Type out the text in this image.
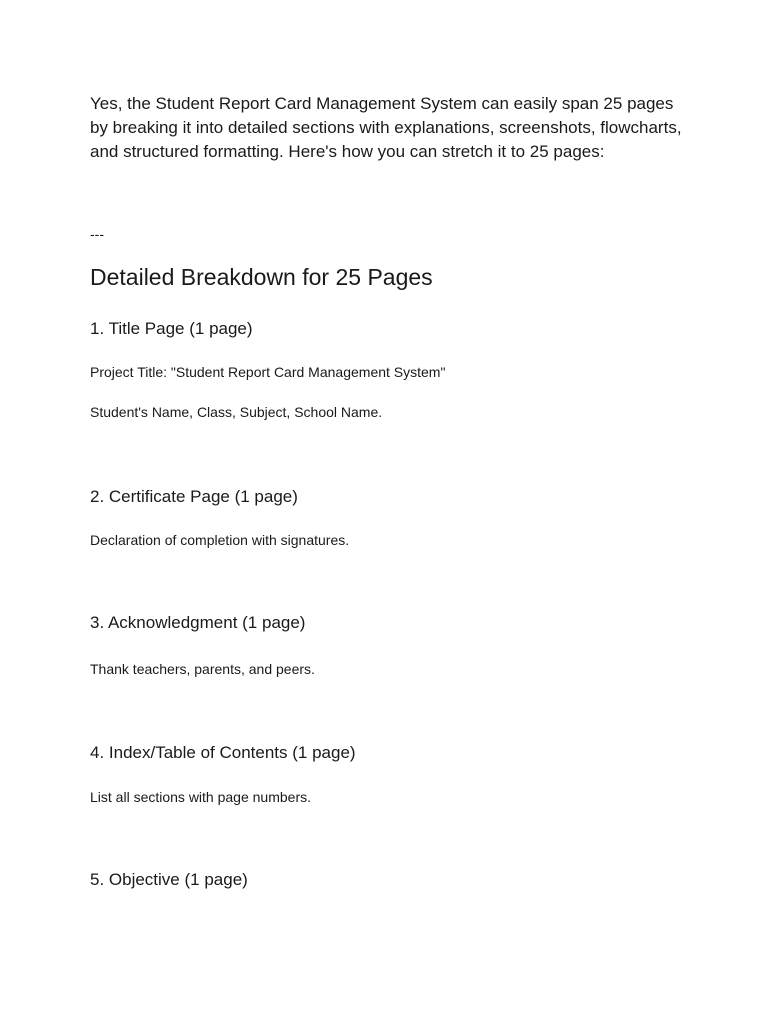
Yes, the Student Report Card Management System can easily span 25 pages by breaking it into detailed sections with explanations, screenshots, flowcharts, and structured formatting. Here's how you can stretch it to 25 pages:

---

Detailed Breakdown for 25 Pages
1. Title Page (1 page)

Project Title: "Student Report Card Management System"

Student's Name, Class, Subject, School Name.

2. Certificate Page (1 page)

Declaration of completion with signatures.

3. Acknowledgment (1 page)

Thank teachers, parents, and peers.

4. Index/Table of Contents (1 page)

List all sections with page numbers.

5. Objective (1 page)
